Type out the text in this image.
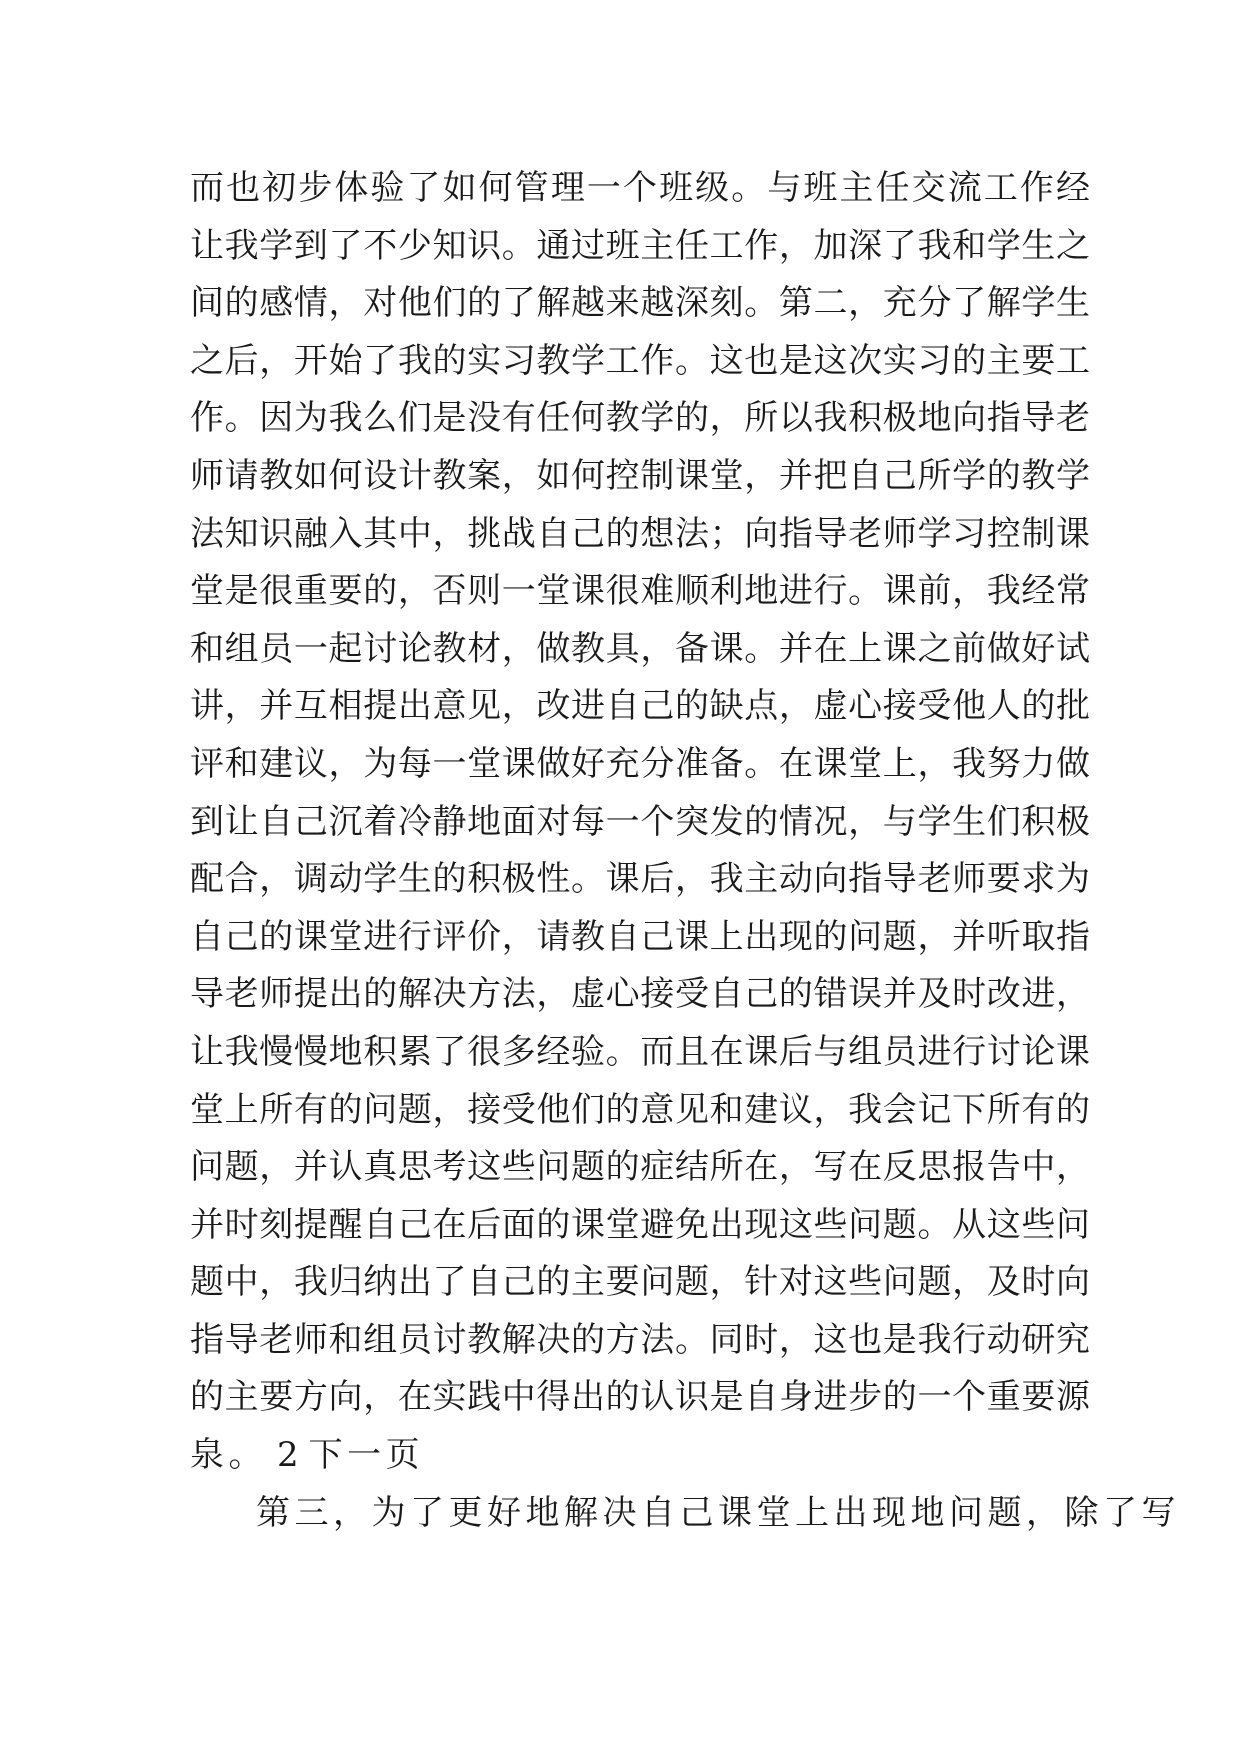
而也初步体验了如何管理一个班级。与班主任交流工作经
让我学到了不少知识。通过班主任工作，加深了我和学生之
间的感情，对他们的了解越来越深刻。第二，充分了解学生
之后，开始了我的实习教学工作。这也是这次实习的主要工
作。因为我么们是没有任何教学的，所以我积极地向指导老
师请教如何设计教案，如何控制课堂，并把自己所学的教学
法知识融入其中，挑战自己的想法；向指导老师学习控制课
堂是很重要的，否则一堂课很难顺利地进行。课前，我经常
和组员一起讨论教材，做教具，备课。并在上课之前做好试
讲，并互相提出意见，改进自己的缺点，虚心接受他人的批
评和建议，为每一堂课做好充分准备。在课堂上，我努力做
到让自己沉着冷静地面对每一个突发的情况，与学生们积极
配合，调动学生的积极性。课后，我主动向指导老师要求为
自己的课堂进行评价，请教自己课上出现的问题，并听取指
导老师提出的解决方法，虚心接受自己的错误并及时改进，
让我慢慢地积累了很多经验。而且在课后与组员进行讨论课
堂上所有的问题，接受他们的意见和建议，我会记下所有的
问题，并认真思考这些问题的症结所在，写在反思报告中，
并时刻提醒自己在后面的课堂避免出现这些问题。从这些问
题中，我归纳出了自己的主要问题，针对这些问题，及时向
指导老师和组员讨教解决的方法。同时，这也是我行动研究
的主要方向，在实践中得出的认识是自身进步的一个重要源
泉。 2 下一页
第三，为了更好地解决自己课堂上出现地问题，除了写
